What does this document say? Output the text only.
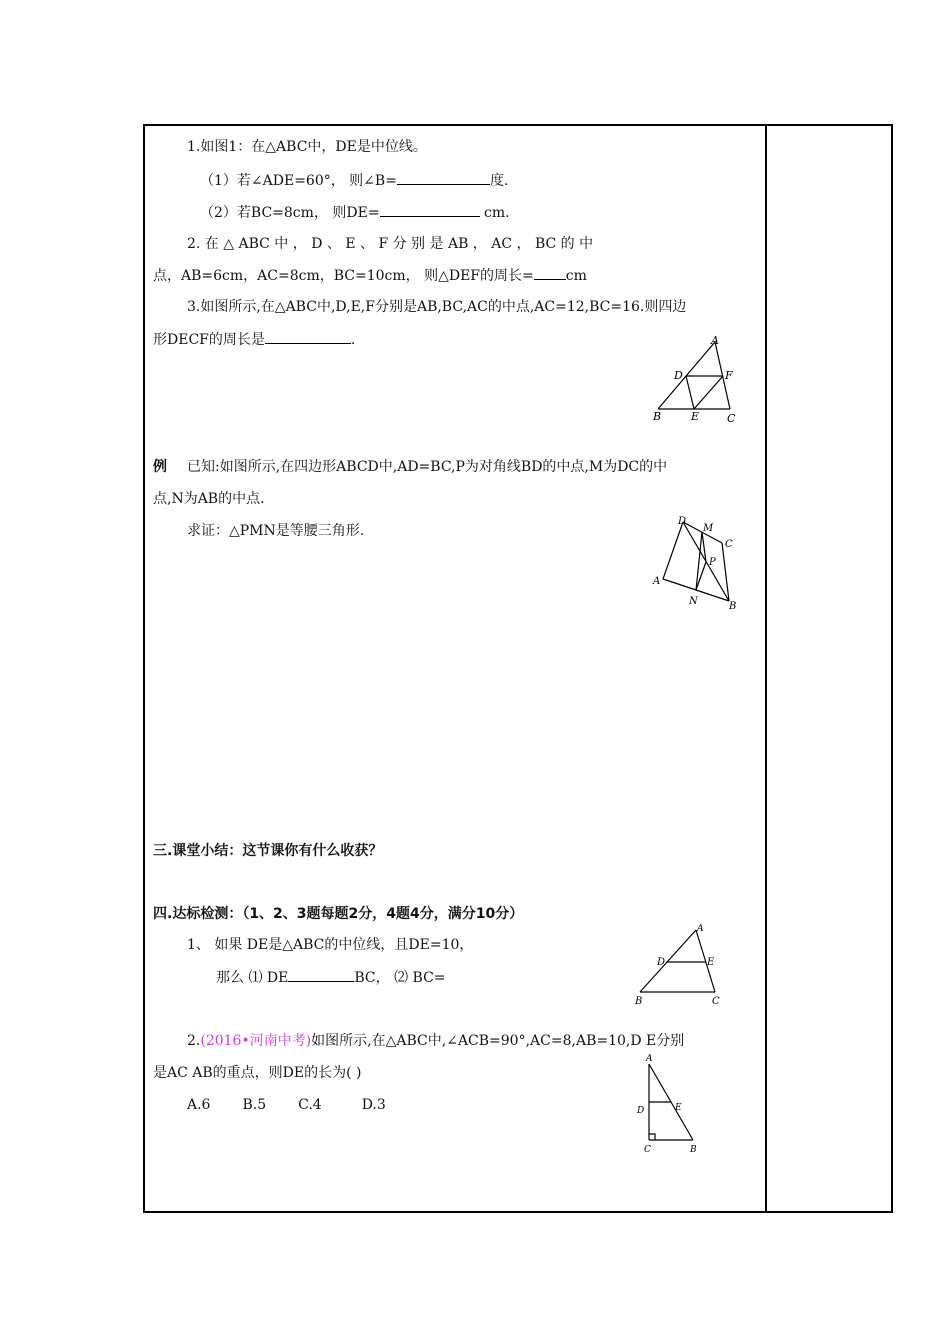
1.如图1：在△ABC中，DE是中位线。
（1）若∠ADE=60°， 则∠B=	度.
（2）若BC=8cm， 则DE=	cm.
2. 在 △ ABC 中 ， D 、 E 、 F 分 别 是 AB ， AC ， BC 的 中
点，AB=6cm，AC=8cm，BC=10cm， 则△DEF的周长= cm
3.如图所示,在△ABC中,D,E,F分别是AB,BC,AC的中点,AC=12,BC=16.则四边
形DECF的周长是	.	A
D	F
B	E	C
例 已知:如图所示,在四边形ABCD中,AD=BC,P为对角线BD的中点,M为DC的中
点,N为AB的中点.
求证：△PMN是等腰三角形.
D
M
C
P
A
N	B
三.课堂小结：这节课你有什么收获？
四.达标检测：（1、2、3题每题2分，4题4分，满分10分）
1、 如果 DE是△ABC的中位线，且DE=10，
那么 ⑴ DE	BC， ⑵ BC=
A
D	E
B	C
2.(2016•河南中考)如图所示,在△ABC中,∠ACB=90°,AC=8,AB=10,D E分别
是AC AB的重点，则DE的长为( )
A.6 B.5 C.4	D.3
A
D	E
C	B
